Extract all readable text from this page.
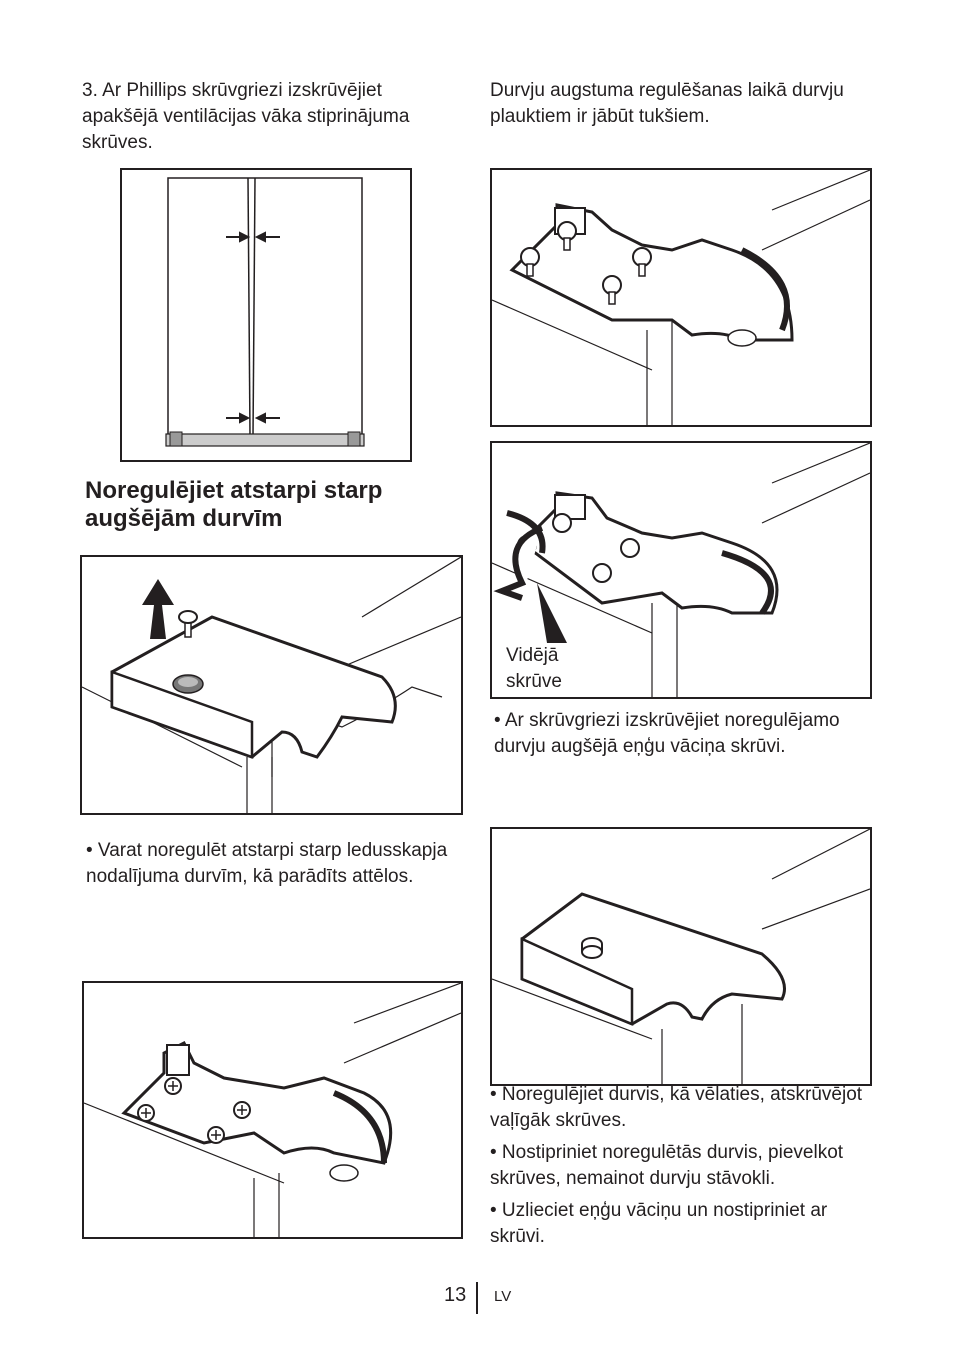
3. Ar Phillips skrūvgriezi izskrūvējiet apakšējā ventilācijas vāka stiprinājuma skrūves.
Noregulējiet atstarpi starp augšējām durvīm
• Varat noregulēt atstarpi starp ledusskapja nodalījuma durvīm, kā parādīts attēlos.
Durvju augstuma regulēšanas laikā durvju plauktiem ir jābūt tukšiem.
Vidējā
skrūve
• Ar skrūvgriezi izskrūvējiet noregulējamo durvju augšējā eņģu vāciņa skrūvi.

• Noregulējiet durvis, kā vēlaties, atskrūvējot vaļīgāk skrūves.

• Nostipriniet noregulētās durvis, pievelkot skrūves, nemainot durvju stāvokli.

• Uzlieciet eņģu vāciņu un nostipriniet ar skrūvi.

13 LV
